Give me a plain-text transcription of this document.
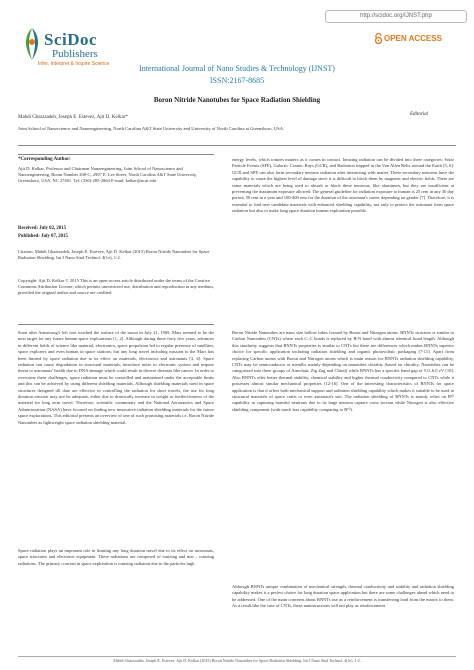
http://scidoc.org/IJNST.php
SciDoc
Publishers
Infer, Interpret & Inspire Science
OPEN ACCESS
International Journal of Nano Studies & Technology (IJNST)
ISSN:2167-8685
Boron Nitride Nanotubes for Space Radiation Shielding
Editorial
Mahdi Ghazizadeh, Joseph E. Estevez, Ajit D. Kelkar*
Joint School of Nanoscience and Nanoengineering, North Carolina A&T State University and University of North Carolina at Greensboro, USA.
*Corresponding Author:
Ajit D. Kelkar, Professor and Chairman Nanoengineering, Joint School of Nanoscience and Nanoengineering, Room Number 208-C, 2907 E. Lee Street, North Carolina A&T State University, Greensboro, USA. NC 27401. Tel: (336)-285-2864 E-mail: kelkar@ncat.edu
Received: July 02, 2015
Published: July 07, 2015
Citation: Mahdi Ghazizadeh, Joseph E. Estevez, Ajit D. Kelkar (2015) Boron Nitride Nanotubes for Space Radiation Shielding. Int J Nano Stud Technol. 4(1e), 1-2.
Copyright: Ajit D. Kelkar © 2015 This is an open-access article distributed under the terms of the Creative Commons Attribution License, which permits unrestricted use, distribution and reproduction in any medium, provided the original author and source are credited.

Soon after Armstrong's left foot touched the surface of the moon in July 21, 1969, Mars seemed to be the next target for any future human space explorations [1, 2]. Although during these forty five years, advances in different fields of science like material, electronics, space propulsion led to regular presence of satellites, space explorers and even human in space stations; but any long travel including mission to the Mars has been limited by space radiation due to its effect on materials, electronics and astronauts [3, 4]. Space radiation can cause degradation in structural materials, introduce noise in electronic system and impose threat to astronauts' health due to DNA damage which could result in diverse diseases like cancer. In order to overcome these challenges, space radiation must be controlled and maintained under the acceptable limits and this can be achieved by using different shielding materials. Although shielding materials used in space structures designed till date are effective in controlling the radiation for short travels, the use for long duration mission may not be adequate, either due to drastically increase in weight or ineffectiveness of the material for long term travel. Therefore, scientific community and the National Aeronautics and Space Administration (NASA) have focused on finding new innovative radiation shielding materials for the future space explorations. This editorial presents an overview of one of such promising materials i.e. Boron Nitride Nanotubes as lightweight space radiation shielding material.

Space radiation plays an important role in limiting any long duration travel due to its effect on astronauts, space structures and electronic equipment. These radiations are composed of ionizing and non – ionizing radiations. The primary concern in space exploration is ionizing radiation due to the particles high

energy levels, which ionizes matters as it comes in contact. Ionizing radiation can be divided into three categories: Solar Particle Events (SPE), Galactic Cosmic Rays (GCR), and Radiation trapped in the Van Allen Belts around the Earth [5, 6]. GCR and SPE can also form secondary neutron radiation after interacting with matter. These secondary neutrons have the capability to cause the highest level of damage since it is difficult to block them by magnetic and electric fields. There are some materials which are being used to absorb or block these neutrons, like aluminum, but they are insufficient at preventing the maximum exposure allowed. The general guideline for radiation exposure to human is 25 rem in any 30 day period, 50 rem in a year and 100-400 rem for the duration of the astronaut's career depending on gender [7]. Therefore, it is essential to find new candidate materials with enhanced shielding capability, not only to protect the astronaut from space radiation but also to make long space duration human exploration possible.

Boron Nitride Nanotubes are nano size hollow tubes formed by Boron and Nitrogen atoms. BNNTs structure is similar to Carbon Nanotubes (CNTs) where each C–C bonds is replaced by B-N bond with almost identical bond length. Although this similarity suggests that BNNTs properties is similar to CNTs but there are differences which makes BNNTs superior choice for specific application including radiation shielding and organic photovoltaic packaging [7-11]. Apart from replacing Carbon atoms with Boron and Nitrogen atoms which is main reason for BNNTs radiation shielding capability, CNTs may be semiconductor or metallic mainly depending on nanotubes chirality (based on chirality, Nanotubes can be categorized into three groups of Armchair, Zig Zag and Chiral) while BNNTs has a specific band gap of 5.0–6.0 eV [10]. Also BNNTs offer better thermal stability, chemical stability and higher thermal conductivity compared to CNTs while it possesses almost similar mechanical properties [12-16]. One of the interesting characteristics of BNNTs for space application is that it offers both mechanical support and radiation shielding capability which makes it suitable to be used in structural materials of space crafts or even astronaut's suit. The radiation shielding of BNNTs is mainly relies on B¹⁰ capability in capturing harmful neutrons due to its large neutron capture cross section while Nitrogen is also effective shielding component (with much less capability comparing to B¹⁰).

Although BNNTs unique combination of mechanical strength, thermal conductivity and stability and radiation shielding capability makes it a perfect choice for long duration space application but there are some challenges ahead which need to be addressed. One of the main concerns about BNNTs use as a reinforcement is transferring load from the matrix to them. As a result like the case of CNTs, these nanostructures will not play as reinforcement

Mahdi Ghazizadeh, Joseph E. Estevez, Ajit D. Kelkar (2015) Boron Nitride Nanotubes for Space Radiation Shielding. Int J Nano Stud Technol. 4(1e), 1-2.
